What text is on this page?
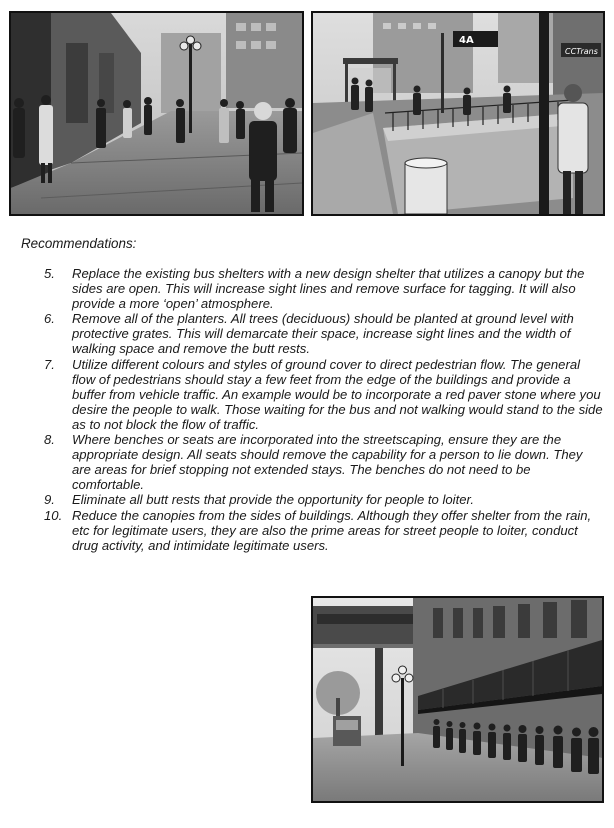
CCTrans
4A
Recommendations:
5.	Replace the existing bus shelters with a new design shelter that utilizes a canopy but the sides are open. This will increase sight lines and remove surface for tagging. It will also provide a more ‘open’ atmosphere.
6.	Remove all of the planters. All trees (deciduous) should be planted at ground level with protective grates. This will demarcate their space, increase sight lines and the width of walking space and remove the butt rests.
7.	Utilize different colours and styles of ground cover to direct pedestrian flow. The general flow of pedestrians should stay a few feet from the edge of the buildings and provide a buffer from vehicle traffic. An example would be to incorporate a red paver stone where you desire the people to walk. Those waiting for the bus and not walking would stand to the side as to not block the flow of traffic.
8.	Where benches or seats are incorporated into the streetscaping, ensure they are the appropriate design. All seats should remove the capability for a person to lie down. They are areas for brief stopping not extended stays. The benches do not need to be comfortable.
9.	Eliminate all butt rests that provide the opportunity for people to loiter.
10. Reduce the canopies from the sides of buildings. Although they offer shelter from the rain, etc for legitimate users, they are also the prime areas for street people to loiter, conduct drug activity, and intimidate legitimate users.
